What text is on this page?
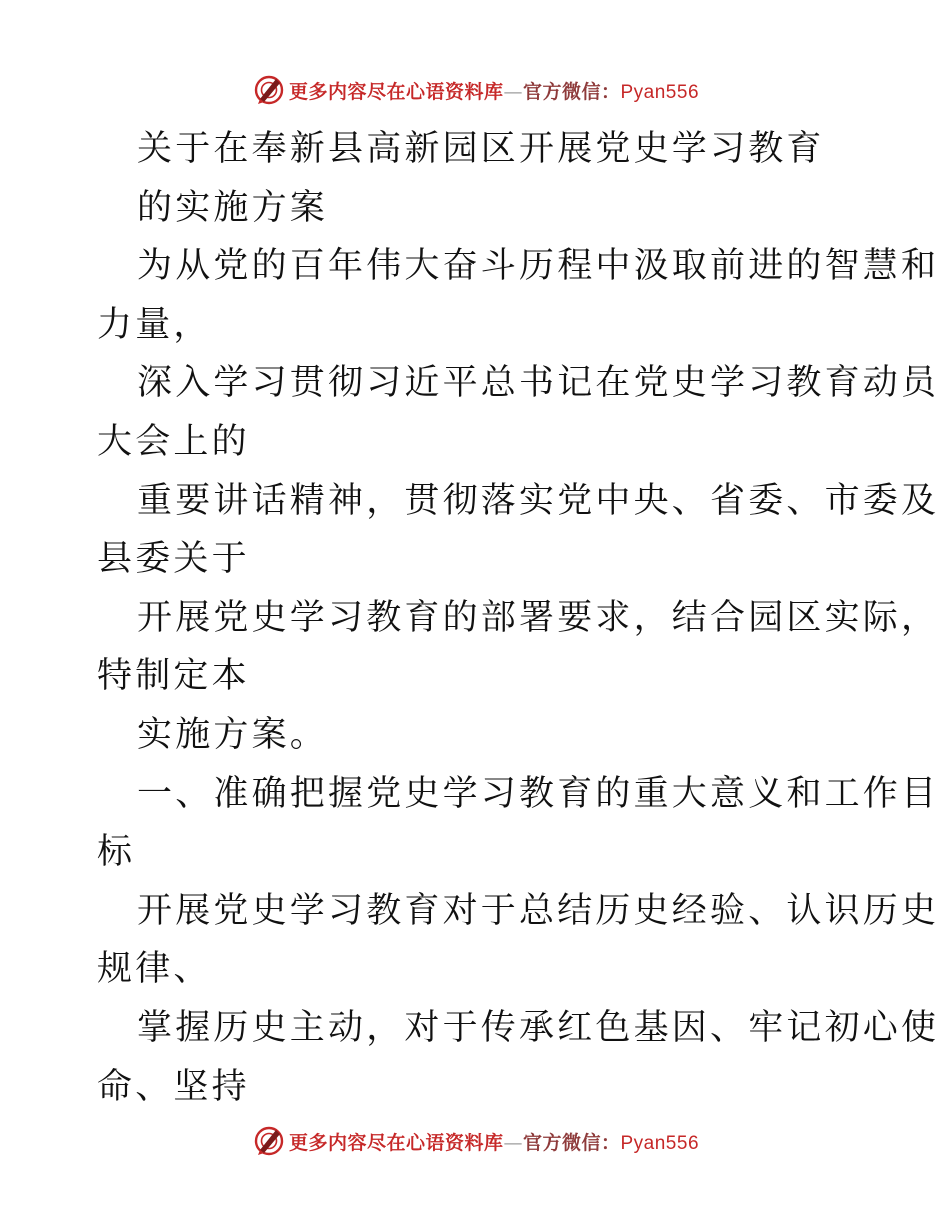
更多内容尽在心语资料库—官方微信：Pyan556
关于在奉新县高新园区开展党史学习教育
的实施方案
为从党的百年伟大奋斗历程中汲取前进的智慧和
力量，
深入学习贯彻习近平总书记在党史学习教育动员
大会上的
重要讲话精神，贯彻落实党中央、省委、市委及
县委关于
开展党史学习教育的部署要求，结合园区实际，
特制定本
实施方案。
一、准确把握党史学习教育的重大意义和工作目
标
开展党史学习教育对于总结历史经验、认识历史
规律、
掌握历史主动，对于传承红色基因、牢记初心使
命、坚持
更多内容尽在心语资料库—官方微信：Pyan556
